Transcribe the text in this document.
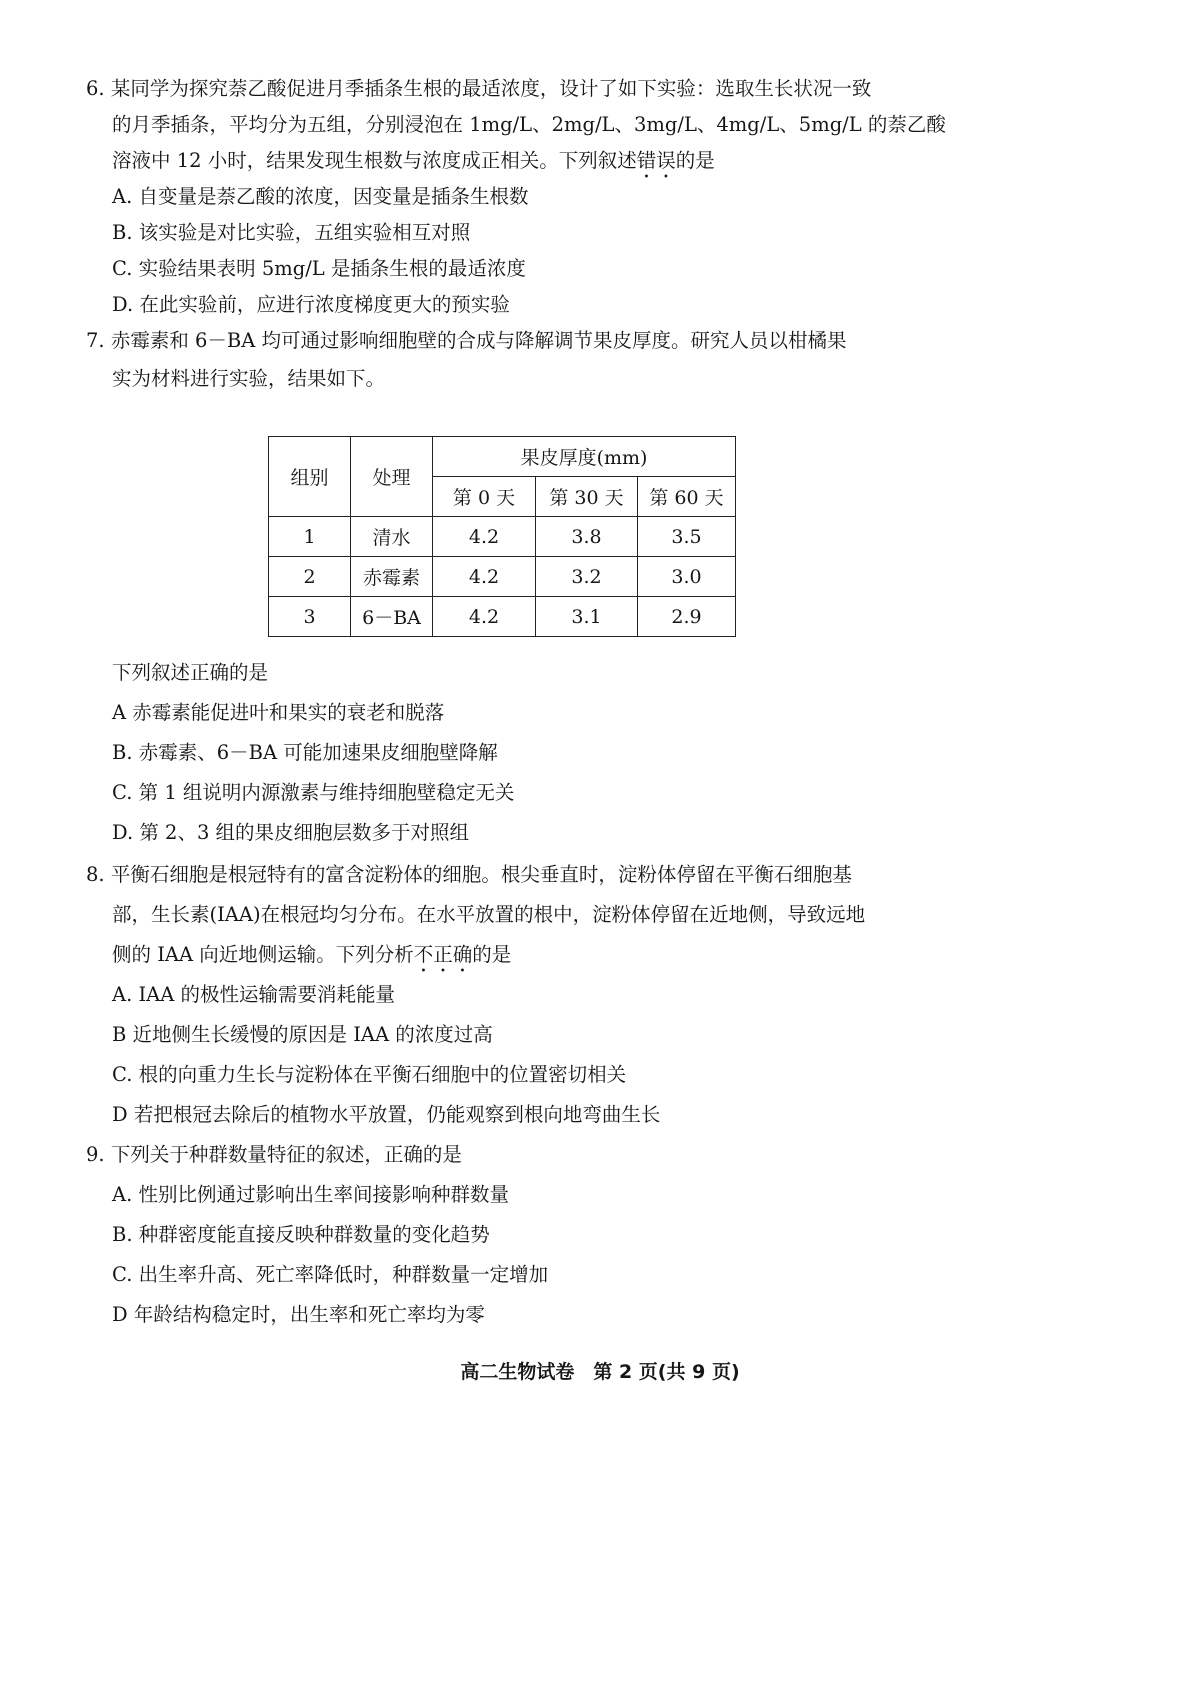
6. 某同学为探究萘乙酸促进月季插条生根的最适浓度，设计了如下实验：选取生长状况一致
的月季插条，平均分为五组，分别浸泡在 1mg/L、2mg/L、3mg/L、4mg/L、5mg/L 的萘乙酸
溶液中 12 小时，结果发现生根数与浓度成正相关。下列叙述错误的是
A. 自变量是萘乙酸的浓度，因变量是插条生根数
B. 该实验是对比实验，五组实验相互对照
C. 实验结果表明 5mg/L 是插条生根的最适浓度
D. 在此实验前，应进行浓度梯度更大的预实验
7. 赤霉素和 6－BA 均可通过影响细胞壁的合成与降解调节果皮厚度。研究人员以柑橘果
实为材料进行实验，结果如下。
组别	处理	果皮厚度(mm)		
		第 0 天	第 30 天	第 60 天
1	清水	4.2	3.8	3.5
2	赤霉素	4.2	3.2	3.0
3	6－BA	4.2	3.1	2.9
下列叙述正确的是
A 赤霉素能促进叶和果实的衰老和脱落
B. 赤霉素、6－BA 可能加速果皮细胞壁降解
C. 第 1 组说明内源激素与维持细胞壁稳定无关
D. 第 2、3 组的果皮细胞层数多于对照组
8. 平衡石细胞是根冠特有的富含淀粉体的细胞。根尖垂直时，淀粉体停留在平衡石细胞基
部，生长素(IAA)在根冠均匀分布。在水平放置的根中，淀粉体停留在近地侧，导致远地
侧的 IAA 向近地侧运输。下列分析不正确的是
A. IAA 的极性运输需要消耗能量
B 近地侧生长缓慢的原因是 IAA 的浓度过高
C. 根的向重力生长与淀粉体在平衡石细胞中的位置密切相关
D 若把根冠去除后的植物水平放置，仍能观察到根向地弯曲生长
9. 下列关于种群数量特征的叙述，正确的是
A. 性别比例通过影响出生率间接影响种群数量
B. 种群密度能直接反映种群数量的变化趋势
C. 出生率升高、死亡率降低时，种群数量一定增加
D 年龄结构稳定时，出生率和死亡率均为零
高二生物试卷　第 2 页(共 9 页)
